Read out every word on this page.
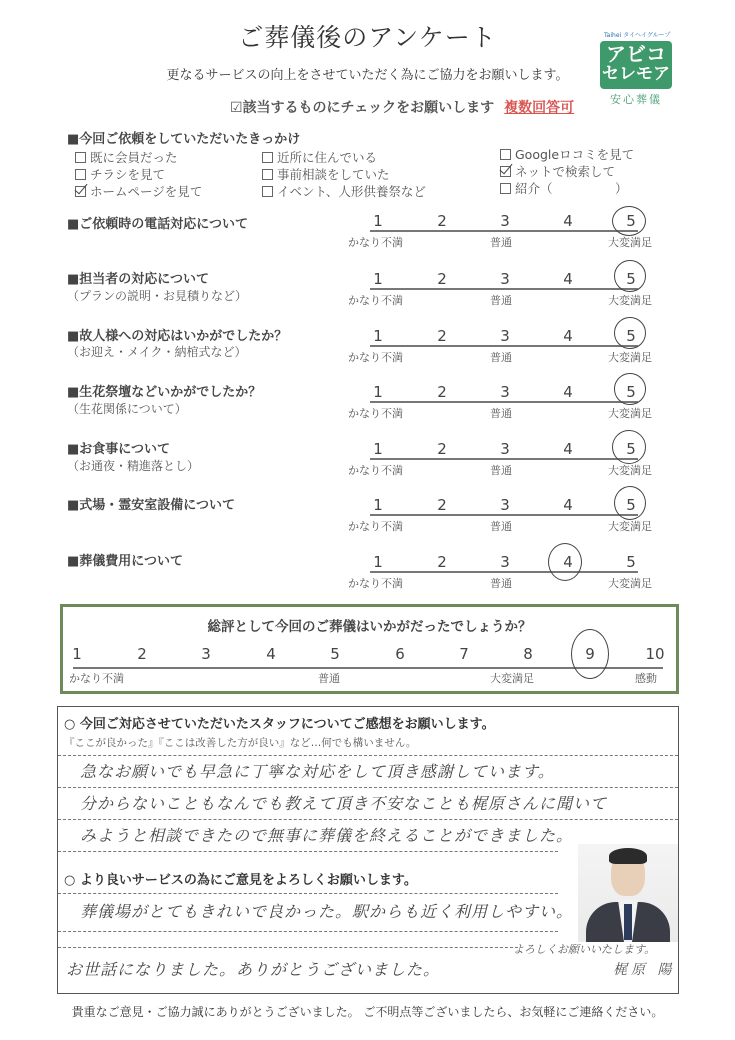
ご葬儀後のアンケート
更なるサービスの向上をさせていただく為にご協力をお願いします。
☑該当するものにチェックをお願いします 複数回答可
Taihei タイヘイグループ
アビコ
セレモア
安心葬儀
■今回ご依頼をしていただいたきっかけ
既に会員だった	近所に住んでいる	Googleロコミを見て
チラシを見て	事前相談をしていた	ネットで検索して
ホームページを見て	イベント、人形供養祭など	紹介（　　　　　）
■ご依頼時の電話対応について	1	2	3	4	5
かなり不満	普通	大変満足
■担当者の対応について
（プランの説明・お見積りなど）
1	2	3	4	5
かなり不満	普通	大変満足
■故人様への対応はいかがでしたか？
（お迎え・メイク・納棺式など）
1	2	3	4	5
かなり不満	普通	大変満足
■生花祭壇などいかがでしたか？
（生花関係について）
1	2	3	4	5
かなり不満	普通	大変満足
■お食事について
（お通夜・精進落とし）
1	2	3	4	5
かなり不満	普通	大変満足
■式場・霊安室設備について	1	2	3	4	5
かなり不満	普通	大変満足
■葬儀費用について	1	2	3	4	5
かなり不満	普通	大変満足
総評として今回のご葬儀はいかがだったでしょうか？
1	2	3	4	5	6	7	8	9	10
かなり不満	普通	大変満足	感動
○ 今回ご対応させていただいたスタッフについてご感想をお願いします。
『ここが良かった』『ここは改善した方が良い』など…何でも構いません。
急なお願いでも早急に丁寧な対応をして頂き感謝しています。
分からないこともなんでも教えて頂き不安なことも梶原さんに聞いて
みようと相談できたので無事に葬儀を終えることができました。
○ より良いサービスの為にご意見をよろしくお願いします。
葬儀場がとてもきれいで良かった。駅からも近く利用しやすい。
お世話になりました。ありがとうございました。
よろしくお願いいたします。
梶原 陽
貴重なご意見・ご協力誠にありがとうございました。 ご不明点等ございましたら、お気軽にご連絡ください。
